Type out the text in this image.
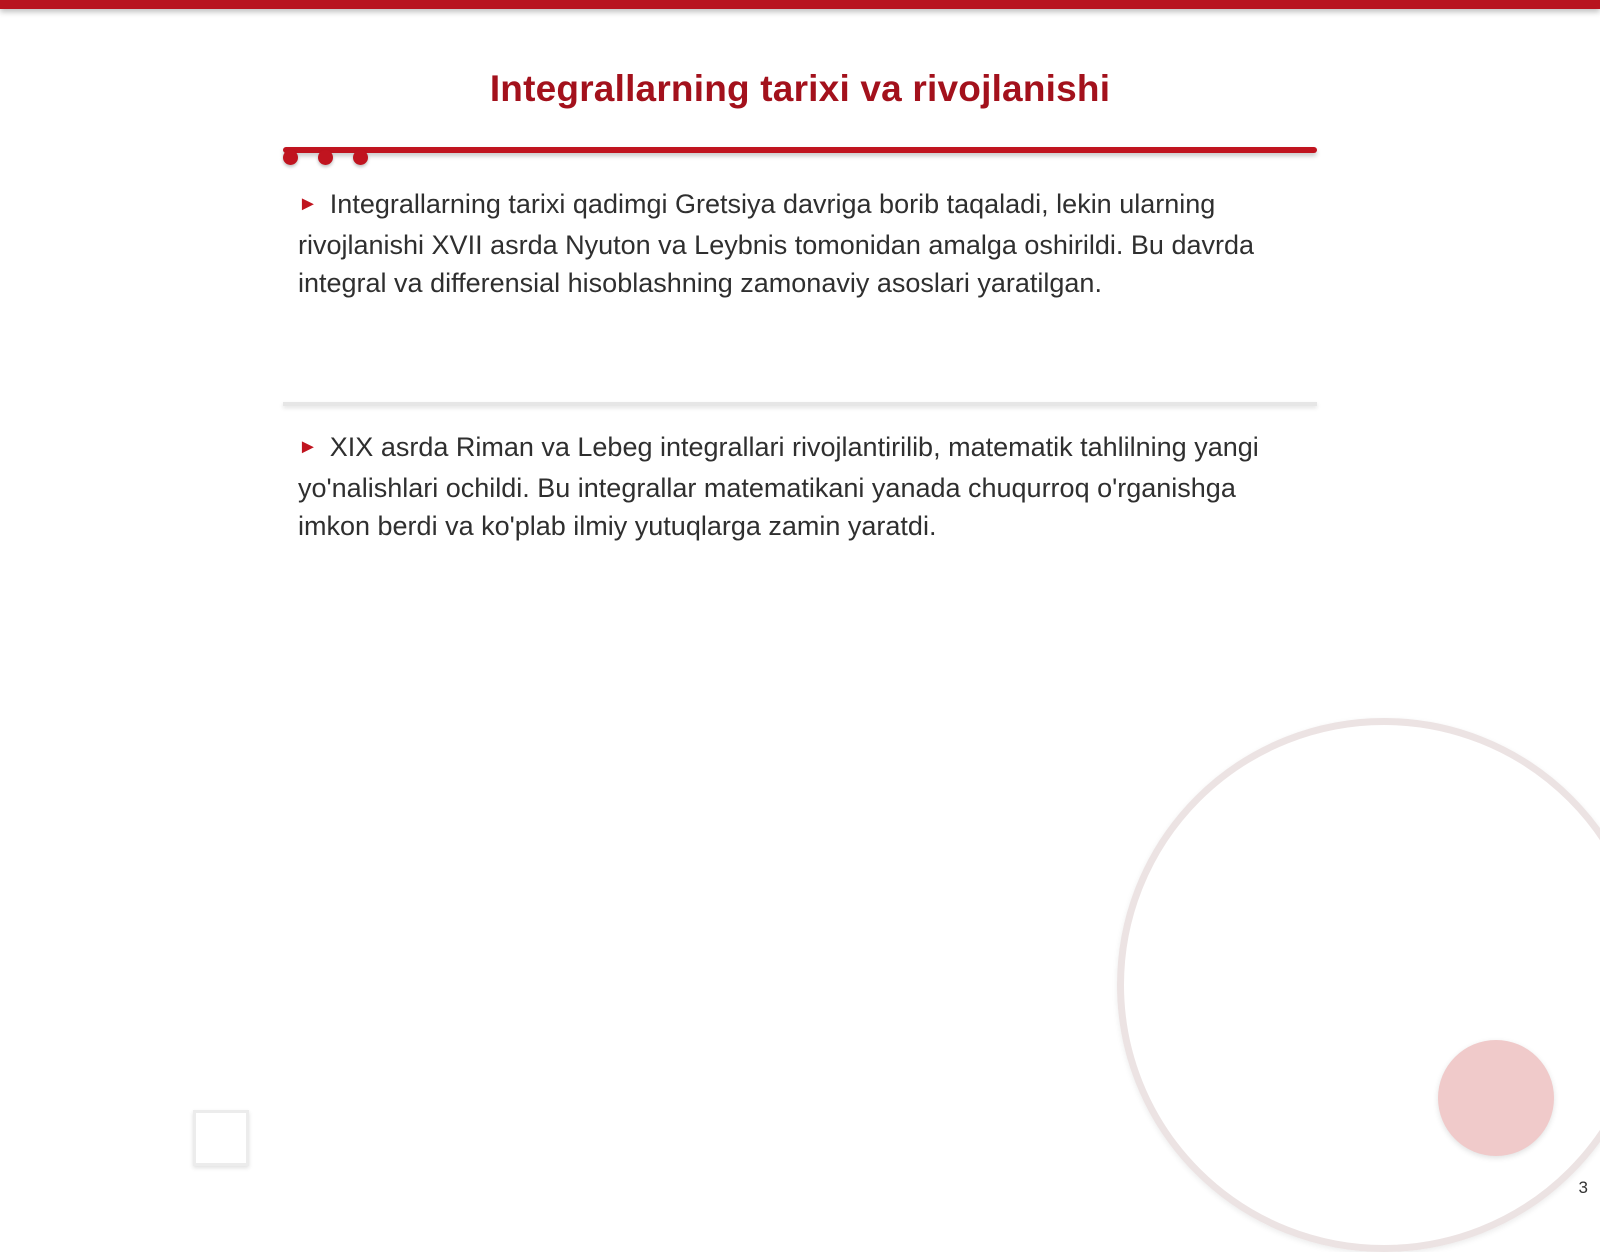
Integrallarning tarixi va rivojlanishi
► Integrallarning tarixi qadimgi Gretsiya davriga borib taqaladi, lekin ularning rivojlanishi XVII asrda Nyuton va Leybnis tomonidan amalga oshirildi. Bu davrda integral va differensial hisoblashning zamonaviy asoslari yaratilgan.
► XIX asrda Riman va Lebeg integrallari rivojlantirilib, matematik tahlilning yangi yo'nalishlari ochildi. Bu integrallar matematikani yanada chuqurroq o'rganishga imkon berdi va ko'plab ilmiy yutuqlarga zamin yaratdi.
3
